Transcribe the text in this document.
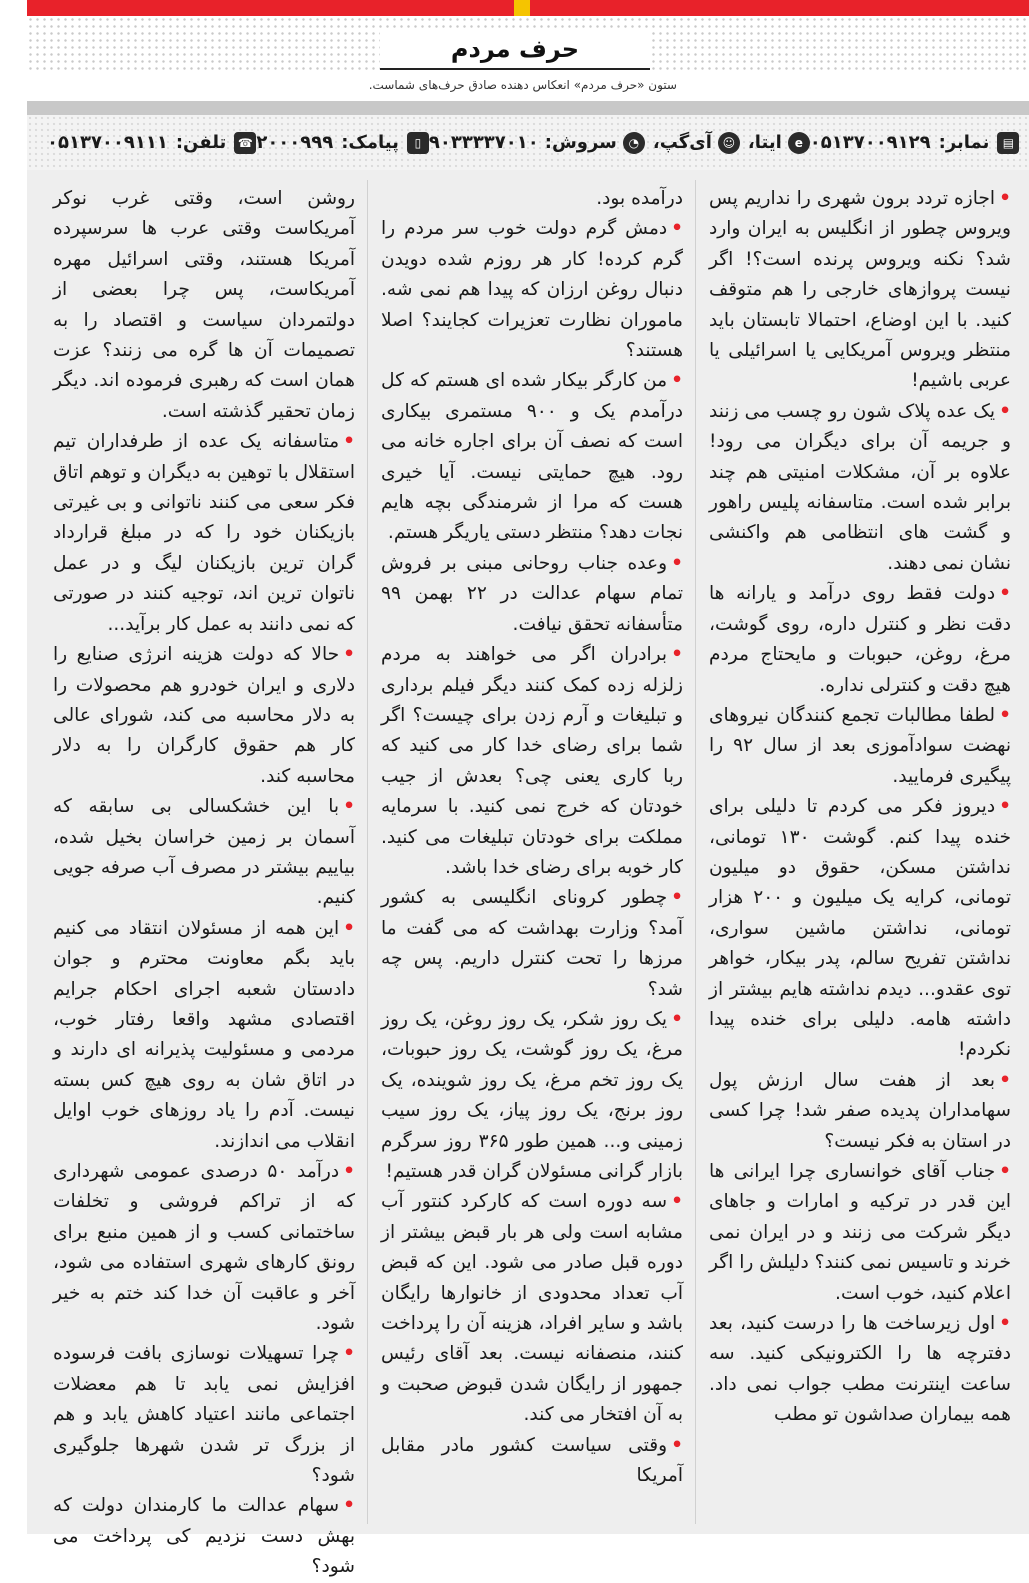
حرف مردم
ستون «حرف مردم» انعکاس دهنده صادق حرف‌های شماست.
☎
تلفن:
۰۵۱۳۷۰۰۹۱۱۱	▯
پیامک:
۲۰۰۰۹۹۹	e
ایتا،
☺
آی‌گپ،
◔
سروش:
۹۰۳۳۳۳۷۰۱۰	▤
نمابر:
۰۵۱۳۷۰۰۹۱۲۹

•اجازه تردد برون شهری را نداریم پس ویروس چطور از انگلیس به ایران وارد شد؟ نکنه ویروس پرنده است؟! اگر نیست پروازهای خارجی را هم متوقف کنید. با این اوضاع، احتمالا تابستان باید منتظر ویروس آمریکایی یا اسرائیلی یا عربی باشیم!

•یک عده پلاک شون رو چسب می زنند و جریمه آن برای دیگران می رود! علاوه بر آن، مشکلات امنیتی هم چند برابر شده است. متاسفانه پلیس راهور و گشت های انتظامی هم واکنشی نشان نمی دهند.

•دولت فقط روی درآمد و یارانه ها دقت نظر و کنترل داره، روی گوشت، مرغ، روغن، حبوبات و مایحتاج مردم هیچ دقت و کنترلی نداره.

•لطفا مطالبات تجمع کنندگان نیروهای نهضت سوادآموزی بعد از سال ۹۲ را پیگیری فرمایید.

•دیروز فکر می کردم تا دلیلی برای خنده پیدا کنم. گوشت ۱۳۰ تومانی، نداشتن مسکن، حقوق دو میلیون تومانی، کرایه یک میلیون و ۲۰۰ هزار تومانی، نداشتن ماشین سواری، نداشتن تفریح سالم، پدر بیکار، خواهر توی عقدو... دیدم نداشته هایم بیشتر از داشته هامه. دلیلی برای خنده پیدا نکردم!

•بعد از هفت سال ارزش پول سهامداران پدیده صفر شد! چرا کسی در استان به فکر نیست؟

•جناب آقای خوانساری چرا ایرانی ها این قدر در ترکیه و امارات و جاهای دیگر شرکت می زنند و در ایران نمی خرند و تاسیس نمی کنند؟ دلیلش را اگر اعلام کنید، خوب است.

•اول زیرساخت ها را درست کنید، بعد دفترچه ها را الکترونیکی کنید. سه ساعت اینترنت مطب جواب نمی داد. همه بیماران صداشون تو مطب

درآمده بود.

•دمش گرم دولت خوب سر مردم را گرم کرده! کار هر روزم شده دویدن دنبال روغن ارزان که پیدا هم نمی شه. ماموران نظارت تعزیرات کجایند؟ اصلا هستند؟

•من کارگر بیکار شده ای هستم که کل درآمدم یک و ۹۰۰ مستمری بیکاری است که نصف آن برای اجاره خانه می رود. هیچ حمایتی نیست. آیا خیری هست که مرا از شرمندگی بچه هایم نجات دهد؟ منتظر دستی یاریگر هستم.

•وعده جناب روحانی مبنی بر فروش تمام سهام عدالت در ۲۲ بهمن ۹۹ متأسفانه تحقق نیافت.

•برادران اگر می خواهند به مردم زلزله زده کمک کنند دیگر فیلم برداری و تبلیغات و آرم زدن برای چیست؟ اگر شما برای رضای خدا کار می کنید که ربا کاری یعنی چی؟ بعدش از جیب خودتان که خرج نمی کنید. با سرمایه مملکت برای خودتان تبلیغات می کنید. کار خوبه برای رضای خدا باشد.

•چطور کرونای انگلیسی به کشور آمد؟ وزارت بهداشت که می گفت ما مرزها را تحت کنترل داریم. پس چه شد؟

•یک روز شکر، یک روز روغن، یک روز مرغ، یک روز گوشت، یک روز حبوبات، یک روز تخم مرغ، یک روز شوینده، یک روز برنج، یک روز پیاز، یک روز سیب زمینی و... همین طور ۳۶۵ روز سرگرم بازار گرانی مسئولان گران قدر هستیم!

•سه دوره است که کارکرد کنتور آب مشابه است ولی هر بار قبض بیشتر از دوره قبل صادر می شود. این که قبض آب تعداد محدودی از خانوارها رایگان باشد و سایر افراد، هزینه آن را پرداخت کنند، منصفانه نیست. بعد آقای رئیس جمهور از رایگان شدن قبوض صحبت و به آن افتخار می کند.

•وقتی سیاست کشور مادر مقابل آمریکا

روشن است، وقتی غرب نوکر آمریکاست وقتی عرب ها سرسپرده آمریکا هستند، وقتی اسرائیل مهره آمریکاست، پس چرا بعضی از دولتمردان سیاست و اقتصاد را به تصمیمات آن ها گره می زنند؟ عزت همان است که رهبری فرموده اند. دیگر زمان تحقیر گذشته است.

•متاسفانه یک عده از طرفداران تیم استقلال با توهین به دیگران و توهم اتاق فکر سعی می کنند ناتوانی و بی غیرتی بازیکنان خود را که در مبلغ قرارداد گران ترین بازیکنان لیگ و در عمل ناتوان ترین اند، توجیه کنند در صورتی که نمی دانند به عمل کار برآید...

•حالا که دولت هزینه انرژی صنایع را دلاری و ایران خودرو هم محصولات را به دلار محاسبه می کند، شورای عالی کار هم حقوق کارگران را به دلار محاسبه کند.

•با این خشکسالی بی سابقه که آسمان بر زمین خراسان بخیل شده، بیاییم بیشتر در مصرف آب صرفه جویی کنیم.

•این همه از مسئولان انتقاد می کنیم باید بگم معاونت محترم و جوان دادستان شعبه اجرای احکام جرایم اقتصادی مشهد واقعا رفتار خوب، مردمی و مسئولیت پذیرانه ای دارند و در اتاق شان به روی هیچ کس بسته نیست. آدم را یاد روزهای خوب اوایل انقلاب می اندازند.

•درآمد ۵۰ درصدی عمومی شهرداری که از تراکم فروشی و تخلفات ساختمانی کسب و از همین منبع برای رونق کارهای شهری استفاده می شود، آخر و عاقبت آن خدا کند ختم به خیر شود.

•چرا تسهیلات نوسازی بافت فرسوده افزایش نمی یابد تا هم معضلات اجتماعی مانند اعتیاد کاهش یابد و هم از بزرگ تر شدن شهرها جلوگیری شود؟

•سهام عدالت ما کارمندان دولت که بهش دست نزدیم کی پرداخت می شود؟
